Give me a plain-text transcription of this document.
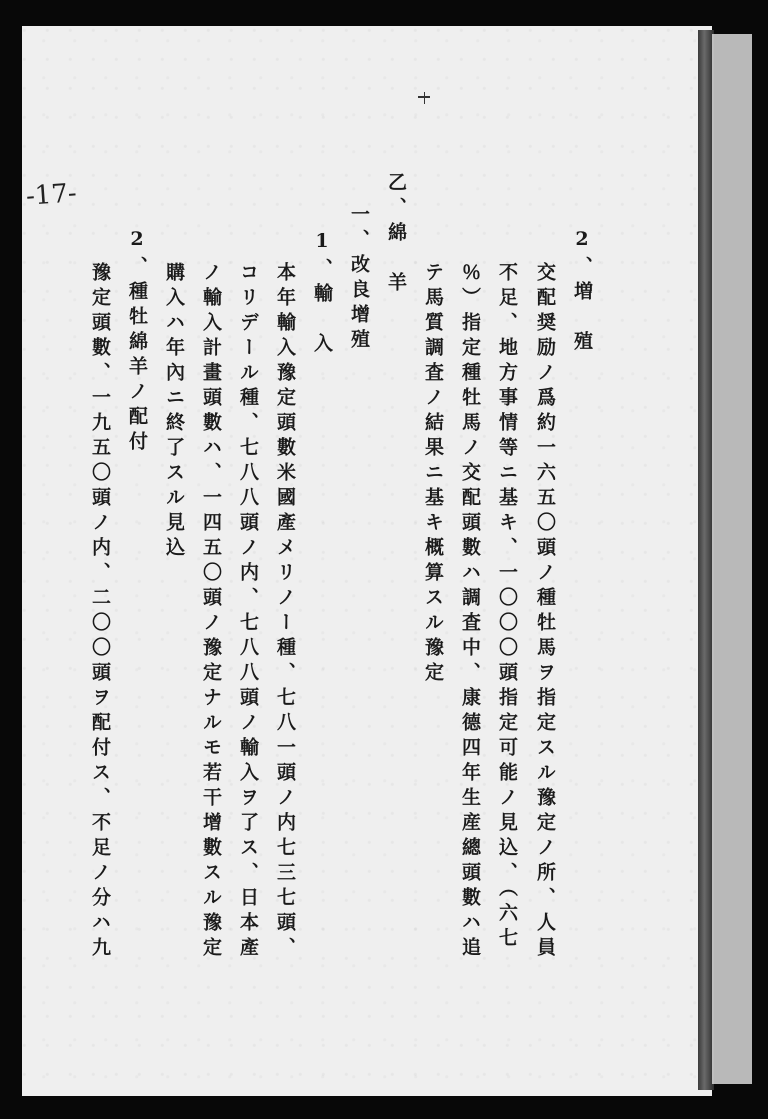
-17-
2、増　殖
交配奨励ノ爲約一六五〇頭ノ種牡馬ヲ指定スル豫定ノ所、人員
不足、地方事情等ニ基キ、一〇〇〇頭指定可能ノ見込、（六七
％）指定種牡馬ノ交配頭數ハ調査中、康德四年生産總頭數ハ追
テ馬質調査ノ結果ニ基キ概算スル豫定
乙、綿　羊
一、改良增殖
1、輸　入
本年輸入豫定頭數米國產メリノー種、七八一頭ノ内七三七頭、
コリデール種、七八八頭ノ内、七八八頭ノ輸入ヲ了ス、日本產
ノ輸入計畫頭數ハ、一四五〇頭ノ豫定ナルモ若干增數スル豫定
購入ハ年內ニ終了スル見込
2、種牡綿羊ノ配付
豫定頭數、一九五〇頭ノ内、二〇〇頭ヲ配付ス、不足ノ分ハ九
